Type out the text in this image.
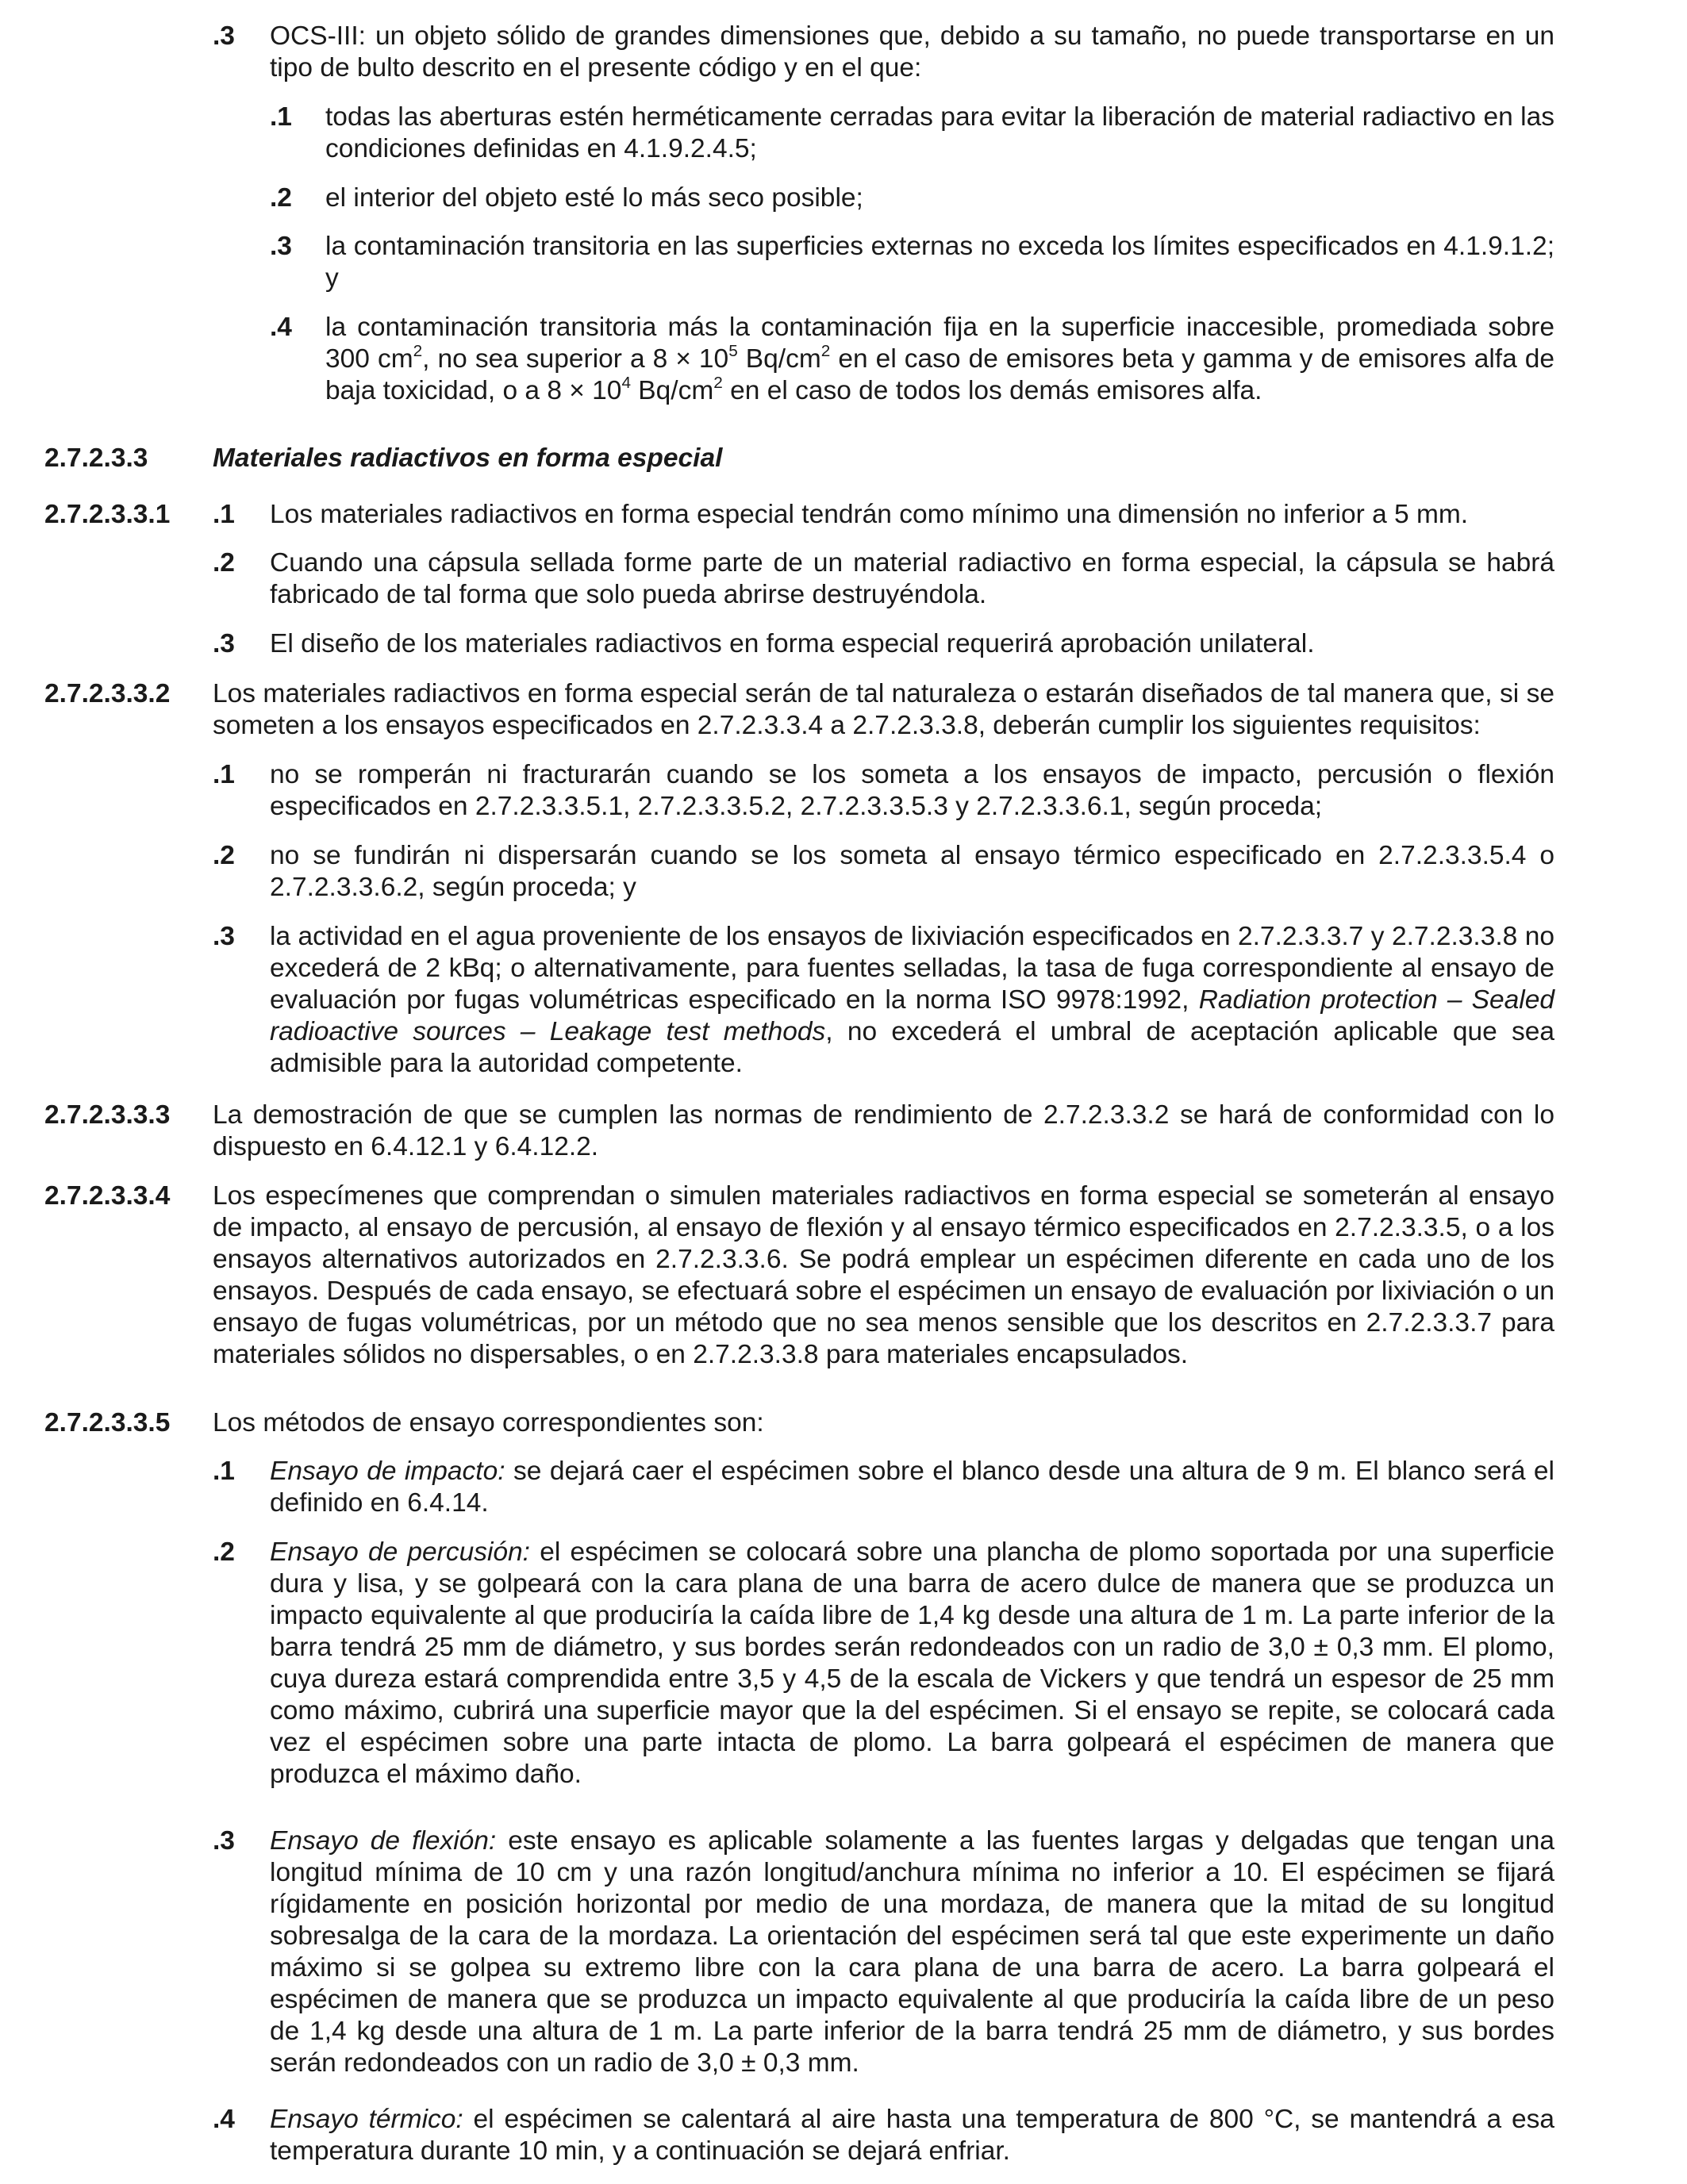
.3 OCS-III: un objeto sólido de grandes dimensiones que, debido a su tamaño, no puede transportarse en un tipo de bulto descrito en el presente código y en el que:
.1 todas las aberturas estén herméticamente cerradas para evitar la liberación de material radiactivo en las condiciones definidas en 4.1.9.2.4.5;
.2 el interior del objeto esté lo más seco posible;
.3 la contaminación transitoria en las superficies externas no exceda los límites especificados en 4.1.9.1.2; y
.4 la contaminación transitoria más la contaminación fija en la superficie inaccesible, promediada sobre 300 $cm^2$, no sea superior a $8 \times 10^5$ $Bq/cm^2$ en el caso de emisores beta y gamma y de emisores alfa de baja toxicidad, o a $8 \times 10^4$ $Bq/cm^2$ en el caso de todos los demás emisores alfa.
2.7.2.3.3 Materiales radiactivos en forma especial
2.7.2.3.3.1 .1 Los materiales radiactivos en forma especial tendrán como mínimo una dimensión no inferior a 5 mm.
.2 Cuando una cápsula sellada forme parte de un material radiactivo en forma especial, la cápsula se habrá fabricado de tal forma que solo pueda abrirse destruyéndola.
.3 El diseño de los materiales radiactivos en forma especial requerirá aprobación unilateral.
2.7.2.3.3.2 Los materiales radiactivos en forma especial serán de tal naturaleza o estarán diseñados de tal manera que, si se someten a los ensayos especificados en 2.7.2.3.3.4 a 2.7.2.3.3.8, deberán cumplir los siguientes requisitos:
.1 no se romperán ni fracturarán cuando se los someta a los ensayos de impacto, percusión o flexión especificados en 2.7.2.3.3.5.1, 2.7.2.3.3.5.2, 2.7.2.3.3.5.3 y 2.7.2.3.3.6.1, según proceda;
.2 no se fundirán ni dispersarán cuando se los someta al ensayo térmico especificado en 2.7.2.3.3.5.4 o 2.7.2.3.3.6.2, según proceda; y
.3 la actividad en el agua proveniente de los ensayos de lixiviación especificados en 2.7.2.3.3.7 y 2.7.2.3.3.8 no excederá de 2 kBq; o alternativamente, para fuentes selladas, la tasa de fuga correspondiente al ensayo de evaluación por fugas volumétricas especificado en la norma ISO 9978:1992, Radiation protection – Sealed radioactive sources – Leakage test methods, no excederá el umbral de aceptación aplicable que sea admisible para la autoridad competente.
2.7.2.3.3.3 La demostración de que se cumplen las normas de rendimiento de 2.7.2.3.3.2 se hará de conformidad con lo dispuesto en 6.4.12.1 y 6.4.12.2.
2.7.2.3.3.4 Los especímenes que comprendan o simulen materiales radiactivos en forma especial se someterán al ensayo de impacto, al ensayo de percusión, al ensayo de flexión y al ensayo térmico especificados en 2.7.2.3.3.5, o a los ensayos alternativos autorizados en 2.7.2.3.3.6. Se podrá emplear un espécimen diferente en cada uno de los ensayos. Después de cada ensayo, se efectuará sobre el espécimen un ensayo de evaluación por lixiviación o un ensayo de fugas volumétricas, por un método que no sea menos sensible que los descritos en 2.7.2.3.3.7 para materiales sólidos no dispersables, o en 2.7.2.3.3.8 para materiales encapsulados.
2.7.2.3.3.5 Los métodos de ensayo correspondientes son:
.1 Ensayo de impacto: se dejará caer el espécimen sobre el blanco desde una altura de 9 m. El blanco será el definido en 6.4.14.
.2 Ensayo de percusión: el espécimen se colocará sobre una plancha de plomo soportada por una superficie dura y lisa, y se golpeará con la cara plana de una barra de acero dulce de manera que se produzca un impacto equivalente al que produciría la caída libre de 1,4 kg desde una altura de 1 m. La parte inferior de la barra tendrá 25 mm de diámetro, y sus bordes serán redondeados con un radio de 3,0 ± 0,3 mm. El plomo, cuya dureza estará comprendida entre 3,5 y 4,5 de la escala de Vickers y que tendrá un espesor de 25 mm como máximo, cubrirá una superficie mayor que la del espécimen. Si el ensayo se repite, se colocará cada vez el espécimen sobre una parte intacta de plomo. La barra golpeará el espécimen de manera que produzca el máximo daño.
.3 Ensayo de flexión: este ensayo es aplicable solamente a las fuentes largas y delgadas que tengan una longitud mínima de 10 cm y una razón longitud/anchura mínima no inferior a 10. El espécimen se fijará rígidamente en posición horizontal por medio de una mordaza, de manera que la mitad de su longitud sobresalga de la cara de la mordaza. La orientación del espécimen será tal que este experimente un daño máximo si se golpea su extremo libre con la cara plana de una barra de acero. La barra golpeará el espécimen de manera que se produzca un impacto equivalente al que produciría la caída libre de un peso de 1,4 kg desde una altura de 1 m. La parte inferior de la barra tendrá 25 mm de diámetro, y sus bordes serán redondeados con un radio de 3,0 ± 0,3 mm.
.4 Ensayo térmico: el espécimen se calentará al aire hasta una temperatura de 800 °C, se mantendrá a esa temperatura durante 10 min, y a continuación se dejará enfriar.
